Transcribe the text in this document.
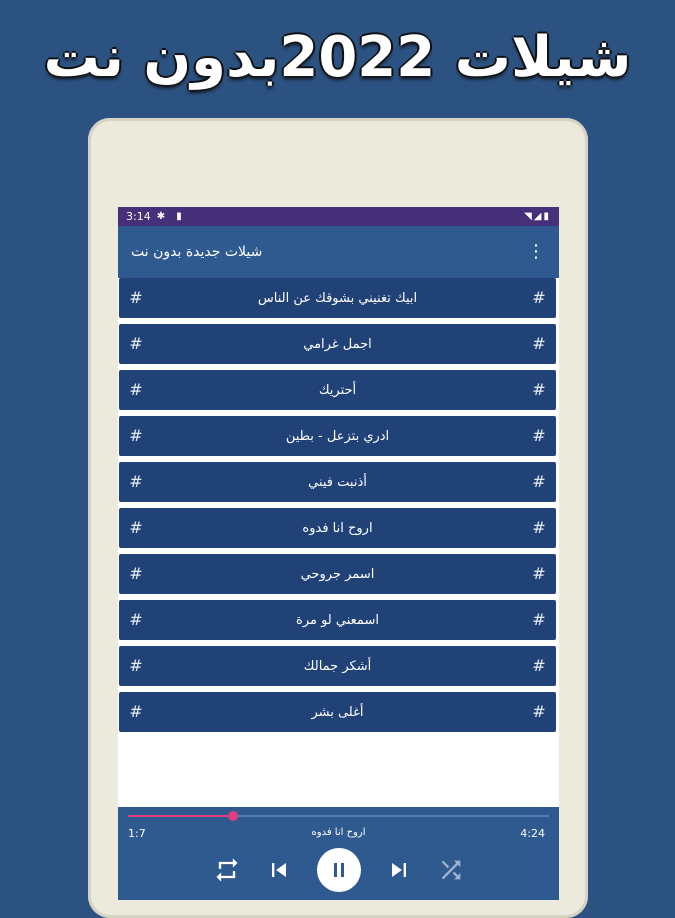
شيلات 2022بدون نت
3:14 ✱ ▮	◥◢▮
شيلات جديدة بدون نت	⋮
#	ابيك تغنيني بشوقك عن الناس	#
#	اجمل غرامي	#
#	أحتريك	#
#	ادري بتزعل - بطين	#
#	أذنبت فيني	#
#	اروح انا فدوه	#
#	اسمر جروحي	#
#	اسمعني لو مرة	#
#	أشكر جمالك	#
#	أغلى بشر	#
1:7	اروح انا فدوه	4:24
